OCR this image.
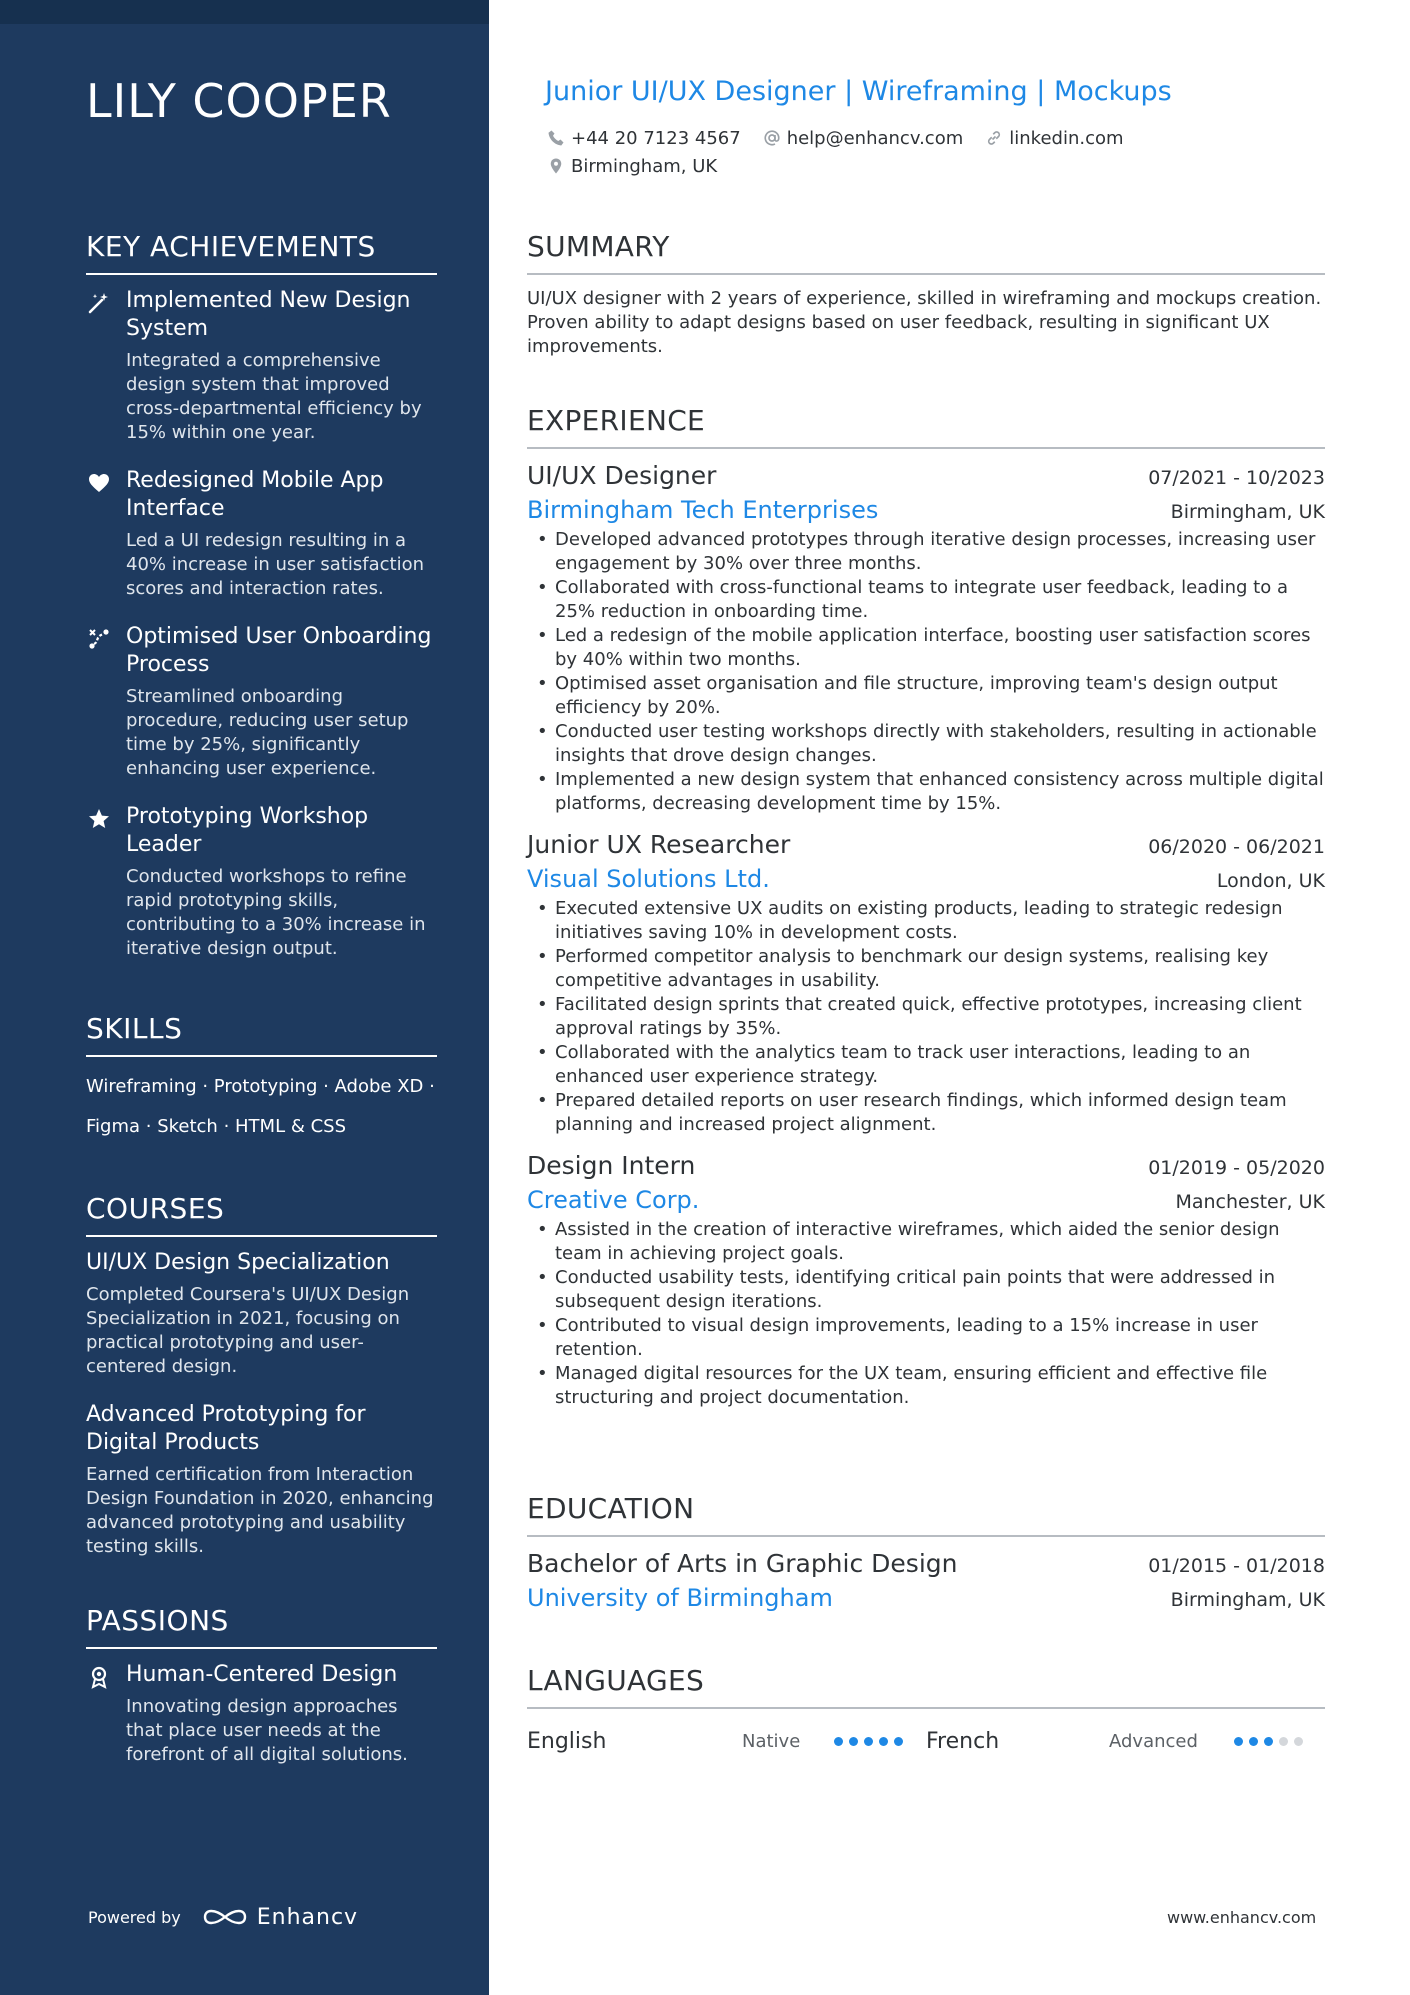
LILY COOPER
KEY ACHIEVEMENTS
Implemented New Design System
Integrated a comprehensive design system that improved cross-departmental efficiency by 15% within one year.
Redesigned Mobile App Interface
Led a UI redesign resulting in a 40% increase in user satisfaction scores and interaction rates.
Optimised User Onboarding Process
Streamlined onboarding procedure, reducing user setup time by 25%, significantly enhancing user experience.
Prototyping Workshop Leader
Conducted workshops to refine rapid prototyping skills, contributing to a 30% increase in iterative design output.
SKILLS
Wireframing · Prototyping · Adobe XD ·
Figma · Sketch · HTML & CSS
COURSES
UI/UX Design Specialization
Completed Coursera's UI/UX Design Specialization in 2021, focusing on practical prototyping and user-centered design.
Advanced Prototyping for Digital Products
Earned certification from Interaction Design Foundation in 2020, enhancing advanced prototyping and usability testing skills.
PASSIONS
Human-Centered Design
Innovating design approaches that place user needs at the forefront of all digital solutions.
Powered by	Enhancv
Junior UI/UX Designer | Wireframing | Mockups
+44 20 7123 4567	help@enhancv.com	linkedin.com
Birmingham, UK
SUMMARY
UI/UX designer with 2 years of experience, skilled in wireframing and mockups creation. Proven ability to adapt designs based on user feedback, resulting in significant UX improvements.
EXPERIENCE
UI/UX Designer	07/2021 - 10/2023
Birmingham Tech Enterprises	Birmingham, UK
• Developed advanced prototypes through iterative design processes, increasing user engagement by 30% over three months.
• Collaborated with cross-functional teams to integrate user feedback, leading to a 25% reduction in onboarding time.
• Led a redesign of the mobile application interface, boosting user satisfaction scores by 40% within two months.
• Optimised asset organisation and file structure, improving team's design output efficiency by 20%.
• Conducted user testing workshops directly with stakeholders, resulting in actionable insights that drove design changes.
• Implemented a new design system that enhanced consistency across multiple digital platforms, decreasing development time by 15%.
Junior UX Researcher	06/2020 - 06/2021
Visual Solutions Ltd.	London, UK
• Executed extensive UX audits on existing products, leading to strategic redesign initiatives saving 10% in development costs.
• Performed competitor analysis to benchmark our design systems, realising key competitive advantages in usability.
• Facilitated design sprints that created quick, effective prototypes, increasing client approval ratings by 35%.
• Collaborated with the analytics team to track user interactions, leading to an enhanced user experience strategy.
• Prepared detailed reports on user research findings, which informed design team planning and increased project alignment.
Design Intern	01/2019 - 05/2020
Creative Corp.	Manchester, UK
• Assisted in the creation of interactive wireframes, which aided the senior design team in achieving project goals.
• Conducted usability tests, identifying critical pain points that were addressed in subsequent design iterations.
• Contributed to visual design improvements, leading to a 15% increase in user retention.
• Managed digital resources for the UX team, ensuring efficient and effective file structuring and project documentation.
EDUCATION
Bachelor of Arts in Graphic Design	01/2015 - 01/2018
University of Birmingham	Birmingham, UK
LANGUAGES
English	Native	French	Advanced
www.enhancv.com
